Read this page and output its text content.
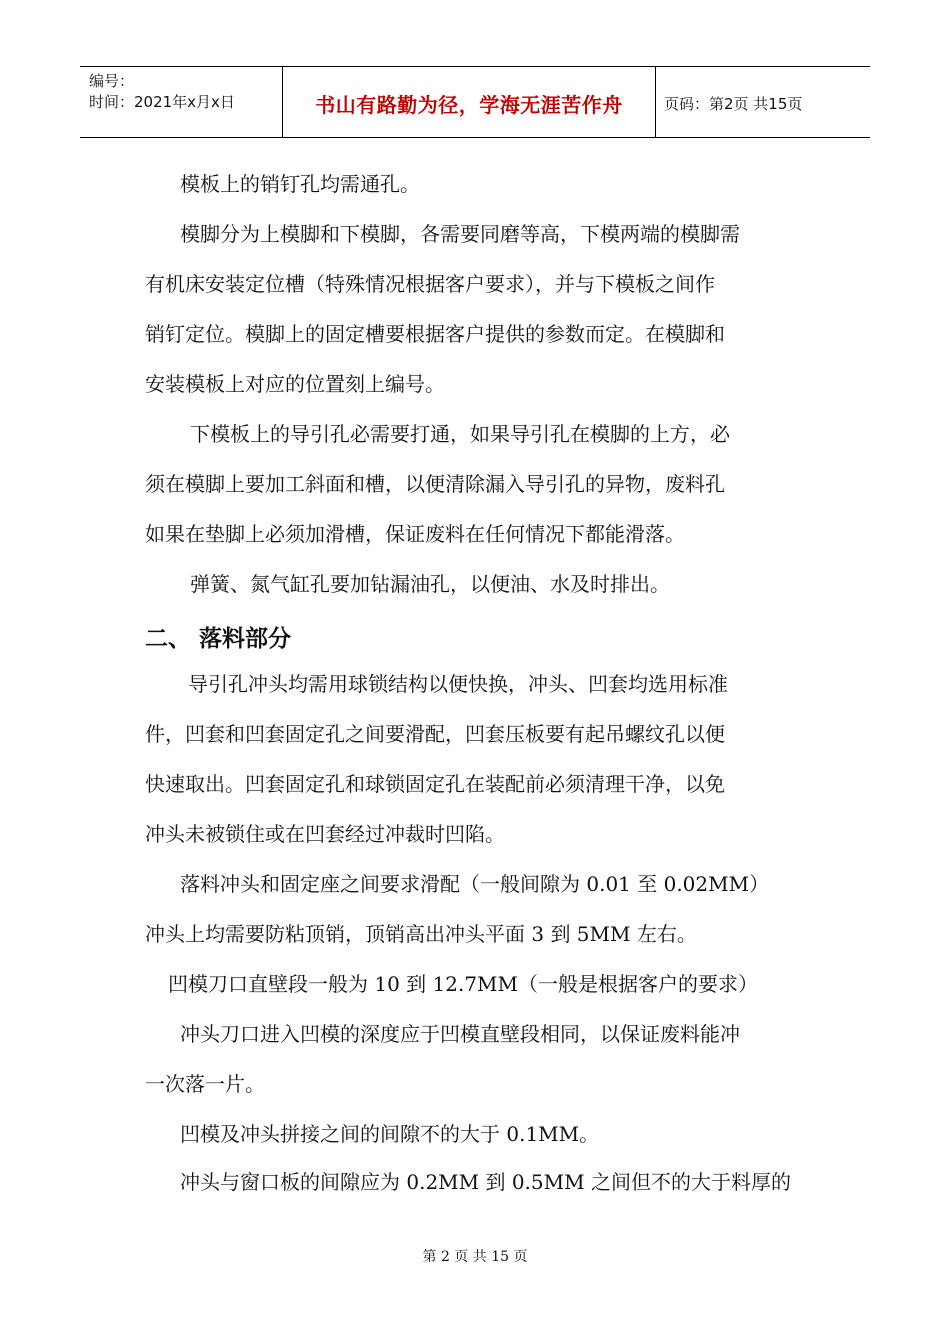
编号：
时间：2021年x月x日	书山有路勤为径，学海无涯苦作舟	页码：第2页 共15页
模板上的销钉孔均需通孔。
模脚分为上模脚和下模脚，各需要同磨等高，下模两端的模脚需
有机床安装定位槽（特殊情况根据客户要求），并与下模板之间作
销钉定位。模脚上的固定槽要根据客户提供的参数而定。在模脚和
安装模板上对应的位置刻上编号。
下模板上的导引孔必需要打通，如果导引孔在模脚的上方，必
须在模脚上要加工斜面和槽，以便清除漏入导引孔的异物，废料孔
如果在垫脚上必须加滑槽，保证废料在任何情况下都能滑落。
弹簧、氮气缸孔要加钻漏油孔，以便油、水及时排出。
二、 落料部分
导引孔冲头均需用球锁结构以便快换，冲头、凹套均选用标准
件，凹套和凹套固定孔之间要滑配，凹套压板要有起吊螺纹孔以便
快速取出。凹套固定孔和球锁固定孔在装配前必须清理干净，以免
冲头未被锁住或在凹套经过冲裁时凹陷。
落料冲头和固定座之间要求滑配（一般间隙为 0.01 至 0.02MM）
冲头上均需要防粘顶销，顶销高出冲头平面 3 到 5MM 左右。
凹模刀口直壁段一般为 10 到 12.7MM（一般是根据客户的要求）
冲头刀口进入凹模的深度应于凹模直壁段相同，以保证废料能冲
一次落一片。
凹模及冲头拼接之间的间隙不的大于 0.1MM。
冲头与窗口板的间隙应为 0.2MM 到 0.5MM 之间但不的大于料厚的
第 2 页 共 15 页
